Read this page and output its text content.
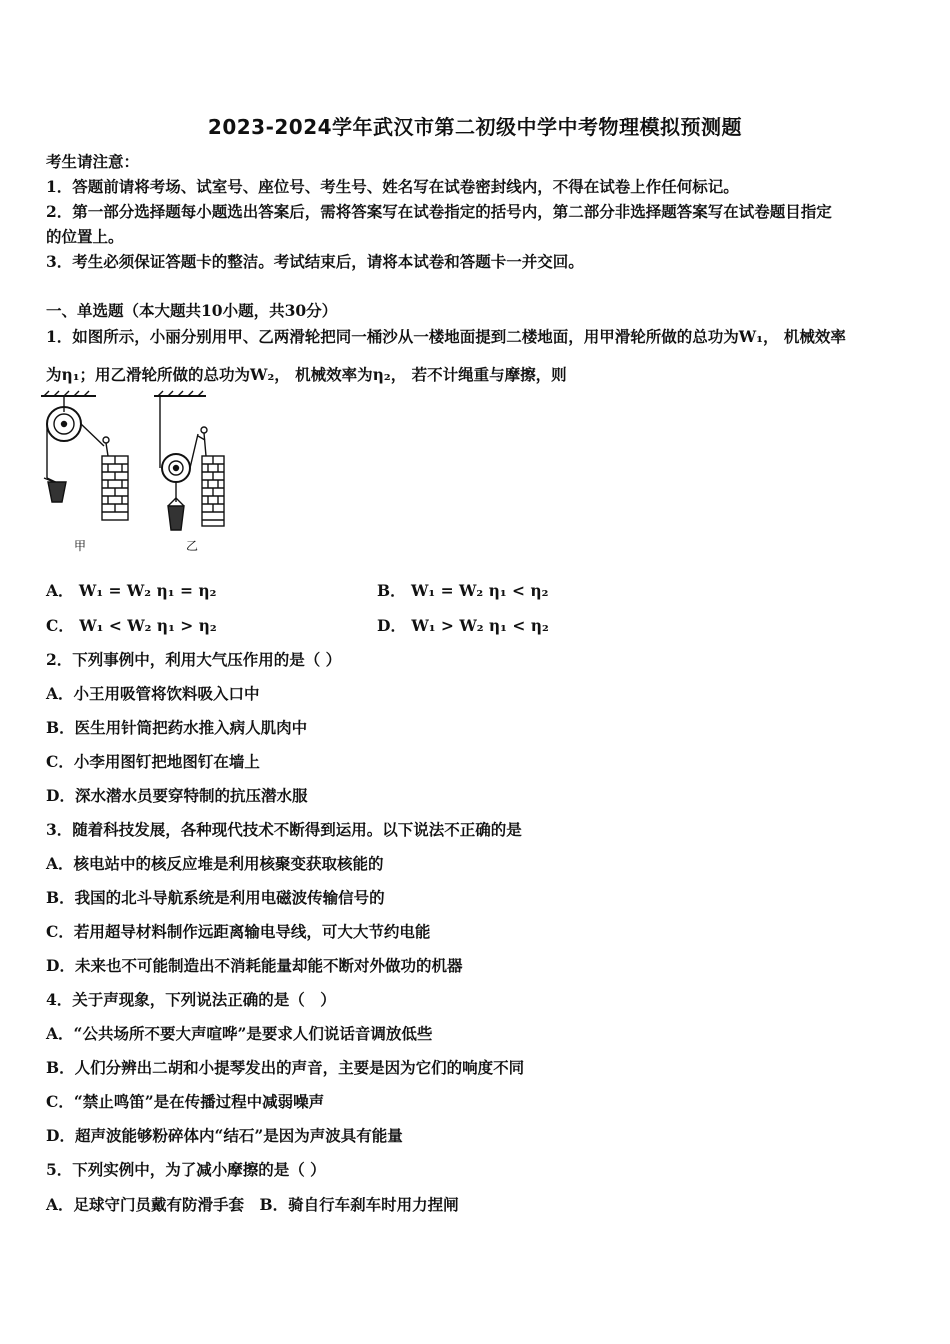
2023-2024学年武汉市第二初级中学中考物理模拟预测题
考生请注意：
1．答题前请将考场、试室号、座位号、考生号、姓名写在试卷密封线内，不得在试卷上作任何标记。
2．第一部分选择题每小题选出答案后，需将答案写在试卷指定的括号内，第二部分非选择题答案写在试卷题目指定
的位置上。
3．考生必须保证答题卡的整洁。考试结束后，请将本试卷和答题卡一并交回。
一、单选题（本大题共10小题，共30分）
1．如图所示，小丽分别用甲、乙两滑轮把同一桶沙从一楼地面提到二楼地面，用甲滑轮所做的总功为W₁， 机械效率
为η₁；用乙滑轮所做的总功为W₂， 机械效率为η₂， 若不计绳重与摩擦，则
甲	乙
A． W₁ = W₂ η₁ = η₂	B． W₁ = W₂ η₁ < η₂
C． W₁ < W₂ η₁ > η₂	D． W₁ > W₂ η₁ < η₂
2．下列事例中，利用大气压作用的是（ ）
A．小王用吸管将饮料吸入口中
B．医生用针筒把药水推入病人肌肉中
C．小李用图钉把地图钉在墙上
D．深水潜水员要穿特制的抗压潜水服
3．随着科技发展，各种现代技术不断得到运用。以下说法不正确的是
A．核电站中的核反应堆是利用核聚变获取核能的
B．我国的北斗导航系统是利用电磁波传输信号的
C．若用超导材料制作远距离输电导线，可大大节约电能
D．未来也不可能制造出不消耗能量却能不断对外做功的机器
4．关于声现象，下列说法正确的是（　）
A．“公共场所不要大声喧哗”是要求人们说话音调放低些
B．人们分辨出二胡和小提琴发出的声音，主要是因为它们的响度不同
C．“禁止鸣笛”是在传播过程中减弱噪声
D．超声波能够粉碎体内“结石”是因为声波具有能量
5．下列实例中，为了减小摩擦的是（ ）
A．足球守门员戴有防滑手套　B．骑自行车刹车时用力捏闸
